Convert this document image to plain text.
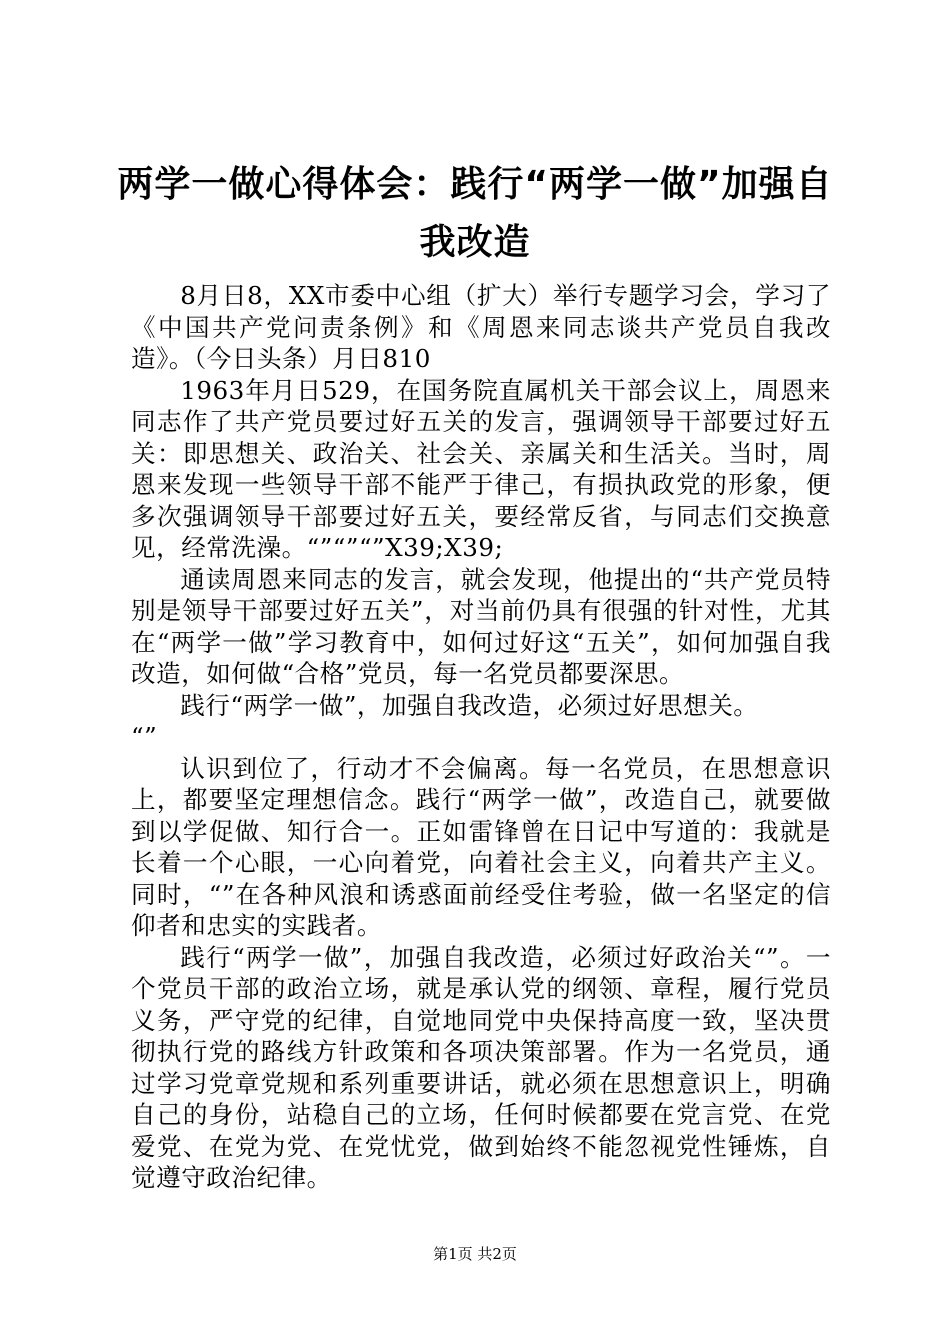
两学一做心得体会：践行“两学一做”加强自我改造

8月日8，XX市委中心组（扩大）举行专题学习会，学习了《中国共产党问责条例》和《周恩来同志谈共产党员自我改造》。（今日头条）月日810

1963年月日529，在国务院直属机关干部会议上，周恩来同志作了共产党员要过好五关的发言，强调领导干部要过好五关：即思想关、政治关、社会关、亲属关和生活关。当时，周恩来发现一些领导干部不能严于律己，有损执政党的形象，便多次强调领导干部要过好五关，要经常反省，与同志们交换意见，经常洗澡。“”“”“”X39;X39;

通读周恩来同志的发言，就会发现，他提出的“共产党员特别是领导干部要过好五关”，对当前仍具有很强的针对性，尤其在“两学一做”学习教育中，如何过好这“五关”，如何加强自我改造，如何做“合格”党员，每一名党员都要深思。

践行“两学一做”，加强自我改造，必须过好思想关。

“”

认识到位了，行动才不会偏离。每一名党员，在思想意识上，都要坚定理想信念。践行“两学一做”，改造自己，就要做到以学促做、知行合一。正如雷锋曾在日记中写道的：我就是长着一个心眼，一心向着党，向着社会主义，向着共产主义。同时，“”在各种风浪和诱惑面前经受住考验，做一名坚定的信仰者和忠实的实践者。

践行“两学一做”，加强自我改造，必须过好政治关“”。一个党员干部的政治立场，就是承认党的纲领、章程，履行党员义务，严守党的纪律，自觉地同党中央保持高度一致，坚决贯彻执行党的路线方针政策和各项决策部署。作为一名党员，通过学习党章党规和系列重要讲话，就必须在思想意识上，明确自己的身份，站稳自己的立场，任何时候都要在党言党、在党爱党、在党为党、在党忧党，做到始终不能忽视党性锤炼，自觉遵守政治纪律。

第1页 共2页
